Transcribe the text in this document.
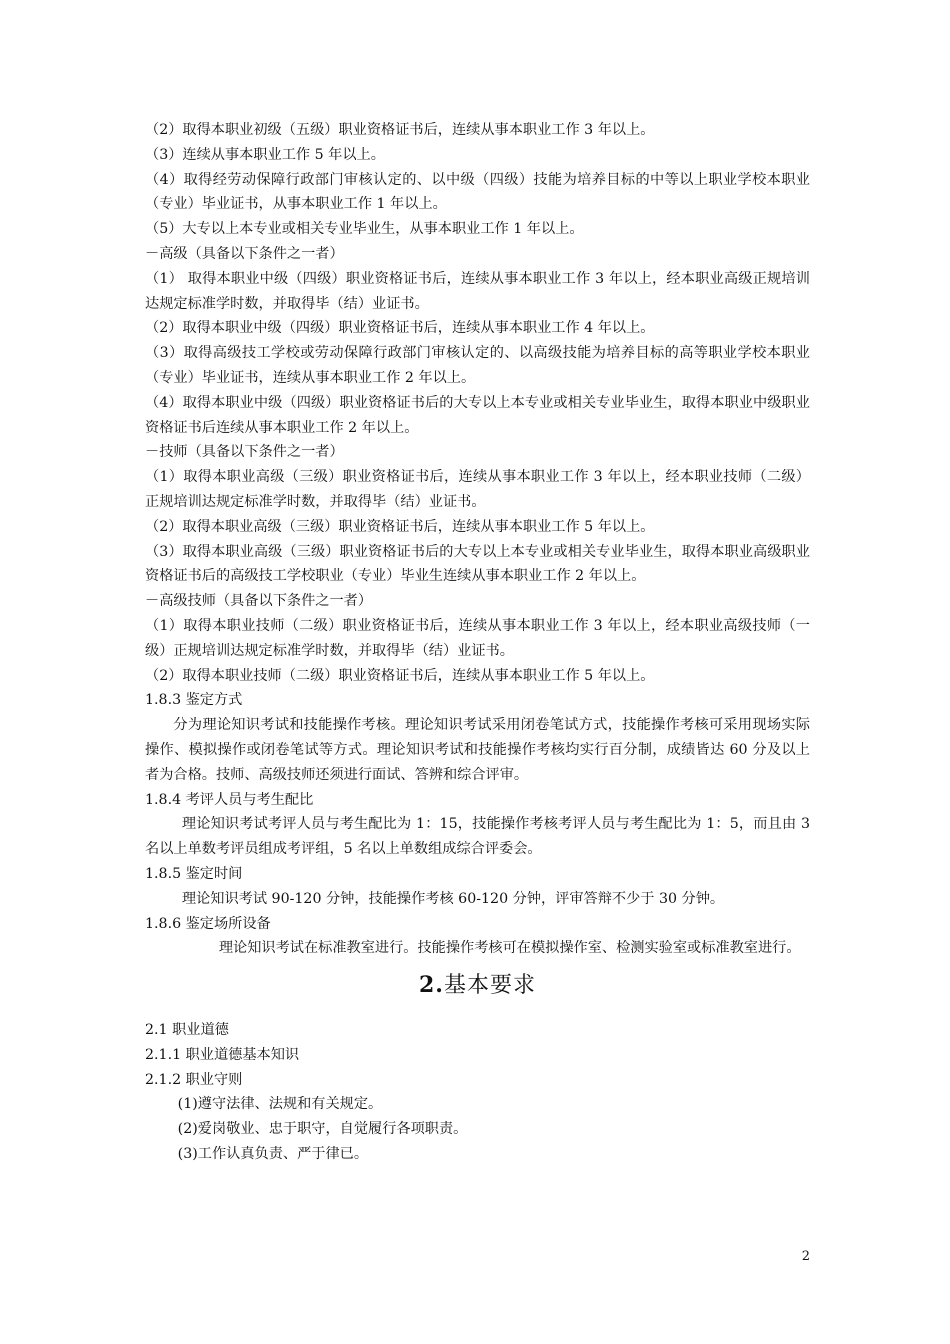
（2）取得本职业初级（五级）职业资格证书后，连续从事本职业工作 3 年以上。

（3）连续从事本职业工作 5 年以上。

（4）取得经劳动保障行政部门审核认定的、以中级（四级）技能为培养目标的中等以上职业学校本职业（专业）毕业证书，从事本职业工作 1 年以上。

（5）大专以上本专业或相关专业毕业生，从事本职业工作 1 年以上。

－高级（具备以下条件之一者）

（1） 取得本职业中级（四级）职业资格证书后，连续从事本职业工作 3 年以上，经本职业高级正规培训达规定标准学时数，并取得毕（结）业证书。

（2）取得本职业中级（四级）职业资格证书后，连续从事本职业工作 4 年以上。

（3）取得高级技工学校或劳动保障行政部门审核认定的、以高级技能为培养目标的高等职业学校本职业（专业）毕业证书，连续从事本职业工作 2 年以上。

（4）取得本职业中级（四级）职业资格证书后的大专以上本专业或相关专业毕业生，取得本职业中级职业资格证书后连续从事本职业工作 2 年以上。

－技师（具备以下条件之一者）

（1）取得本职业高级（三级）职业资格证书后，连续从事本职业工作 3 年以上，经本职业技师（二级）正规培训达规定标准学时数，并取得毕（结）业证书。

（2）取得本职业高级（三级）职业资格证书后，连续从事本职业工作 5 年以上。

（3）取得本职业高级（三级）职业资格证书后的大专以上本专业或相关专业毕业生，取得本职业高级职业资格证书后的高级技工学校职业（专业）毕业生连续从事本职业工作 2 年以上。

－高级技师（具备以下条件之一者）

（1）取得本职业技师（二级）职业资格证书后，连续从事本职业工作 3 年以上，经本职业高级技师（一级）正规培训达规定标准学时数，并取得毕（结）业证书。

（2）取得本职业技师（二级）职业资格证书后，连续从事本职业工作 5 年以上。

1.8.3 鉴定方式

分为理论知识考试和技能操作考核。理论知识考试采用闭卷笔试方式，技能操作考核可采用现场实际操作、模拟操作或闭卷笔试等方式。理论知识考试和技能操作考核均实行百分制，成绩皆达 60 分及以上者为合格。技师、高级技师还须进行面试、答辨和综合评审。

1.8.4 考评人员与考生配比

理论知识考试考评人员与考生配比为 1：15，技能操作考核考评人员与考生配比为 1：5，而且由 3 名以上单数考评员组成考评组，5 名以上单数组成综合评委会。

1.8.5 鉴定时间

理论知识考试 90-120 分钟，技能操作考核 60-120 分钟，评审答辩不少于 30 分钟。

1.8.6 鉴定场所设备

理论知识考试在标准教室进行。技能操作考核可在模拟操作室、检测实验室或标准教室进行。

2.基本要求

2.1 职业道德

2.1.1 职业道德基本知识

2.1.2 职业守则

(1)遵守法律、法规和有关规定。

(2)爱岗敬业、忠于职守，自觉履行各项职责。

(3)工作认真负责、严于律已。

2
